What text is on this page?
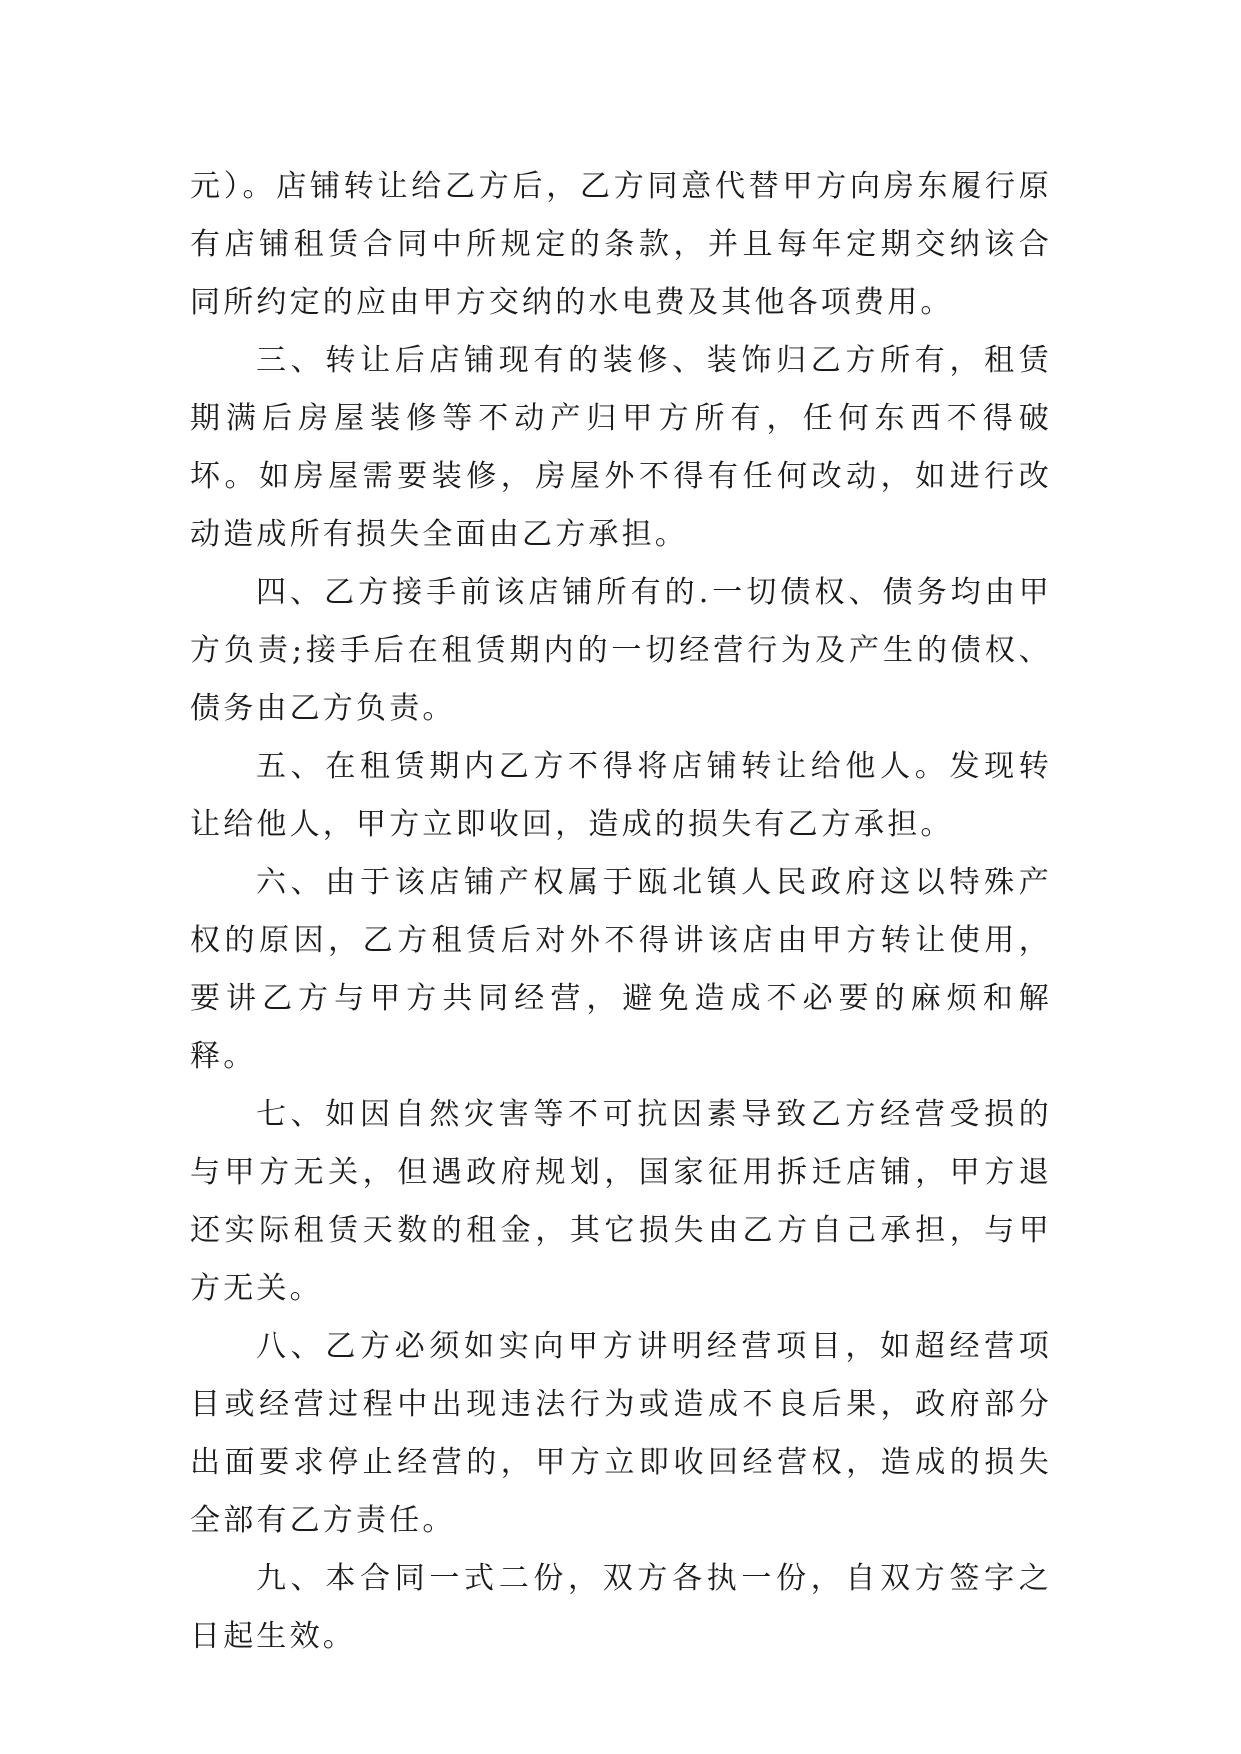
元）。店铺转让给乙方后，乙方同意代替甲方向房东履行原有店铺租赁合同中所规定的条款，并且每年定期交纳该合同所约定的应由甲方交纳的水电费及其他各项费用。

三、转让后店铺现有的装修、装饰归乙方所有，租赁期满后房屋装修等不动产归甲方所有，任何东西不得破坏。如房屋需要装修，房屋外不得有任何改动，如进行改动造成所有损失全面由乙方承担。

四、乙方接手前该店铺所有的.一切债权、债务均由甲方负责;接手后在租赁期内的一切经营行为及产生的债权、债务由乙方负责。

五、在租赁期内乙方不得将店铺转让给他人。发现转让给他人，甲方立即收回，造成的损失有乙方承担。

六、由于该店铺产权属于瓯北镇人民政府这以特殊产权的原因，乙方租赁后对外不得讲该店由甲方转让使用，要讲乙方与甲方共同经营，避免造成不必要的麻烦和解释。

七、如因自然灾害等不可抗因素导致乙方经营受损的与甲方无关，但遇政府规划，国家征用拆迁店铺，甲方退还实际租赁天数的租金，其它损失由乙方自己承担，与甲方无关。

八、乙方必须如实向甲方讲明经营项目，如超经营项目或经营过程中出现违法行为或造成不良后果，政府部分出面要求停止经营的，甲方立即收回经营权，造成的损失全部有乙方责任。

九、本合同一式二份，双方各执一份，自双方签字之日起生效。
